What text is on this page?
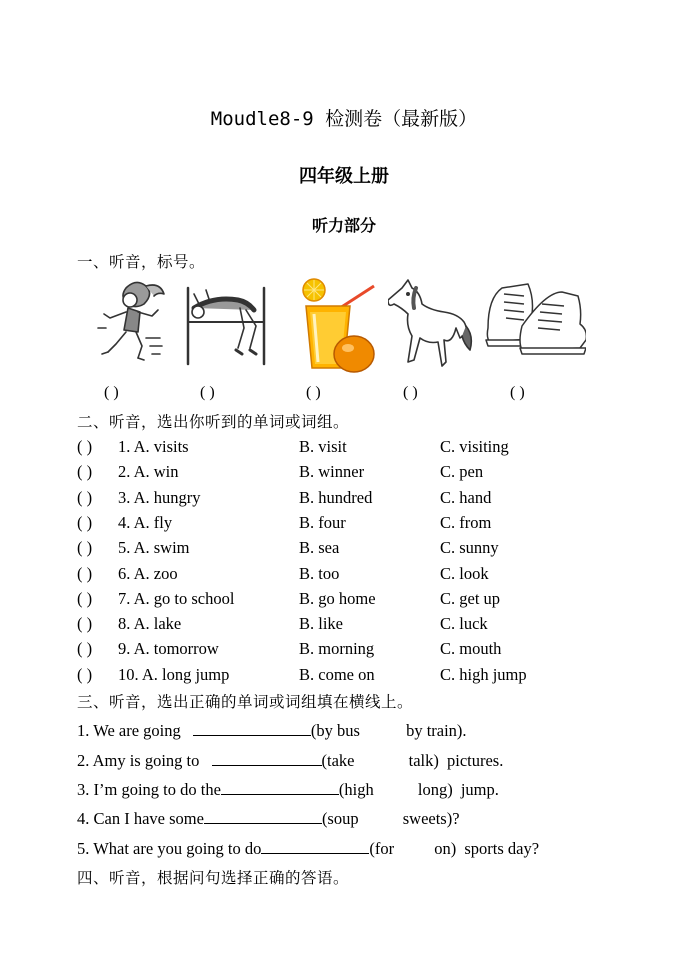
Moudle8-9 检测卷（最新版）
四年级上册
听力部分
一、听音，标号。
( )	( )	( )	( )	( )
二、听音，选出你听到的单词或词组。
( ) 1. A. visits	B. visit	C. visiting
( ) 2. A. win	B. winner	C. pen
( ) 3. A. hungry	B. hundred	C. hand
( ) 4. A. fly	B. four	C. from
( ) 5. A. swim	B. sea	C. sunny
( ) 6. A. zoo	B. too	C. look
( ) 7. A. go to school	B. go home	C. get up
( ) 8. A. lake	B. like	C. luck
( ) 9. A. tomorrow	B. morning	C. mouth
( ) 10. A. long jump	B. come on	C. high jump
三、听音，选出正确的单词或词组填在横线上。
1. We are going	(by bus	by train).
2. Amy is going to	(take	talk) pictures.
3. I’m going to do the	(high	long) jump.
4. Can I have some	(soup	sweets)?
5. What are you going to do	(for on) sports day?
四、听音，根据问句选择正确的答语。
